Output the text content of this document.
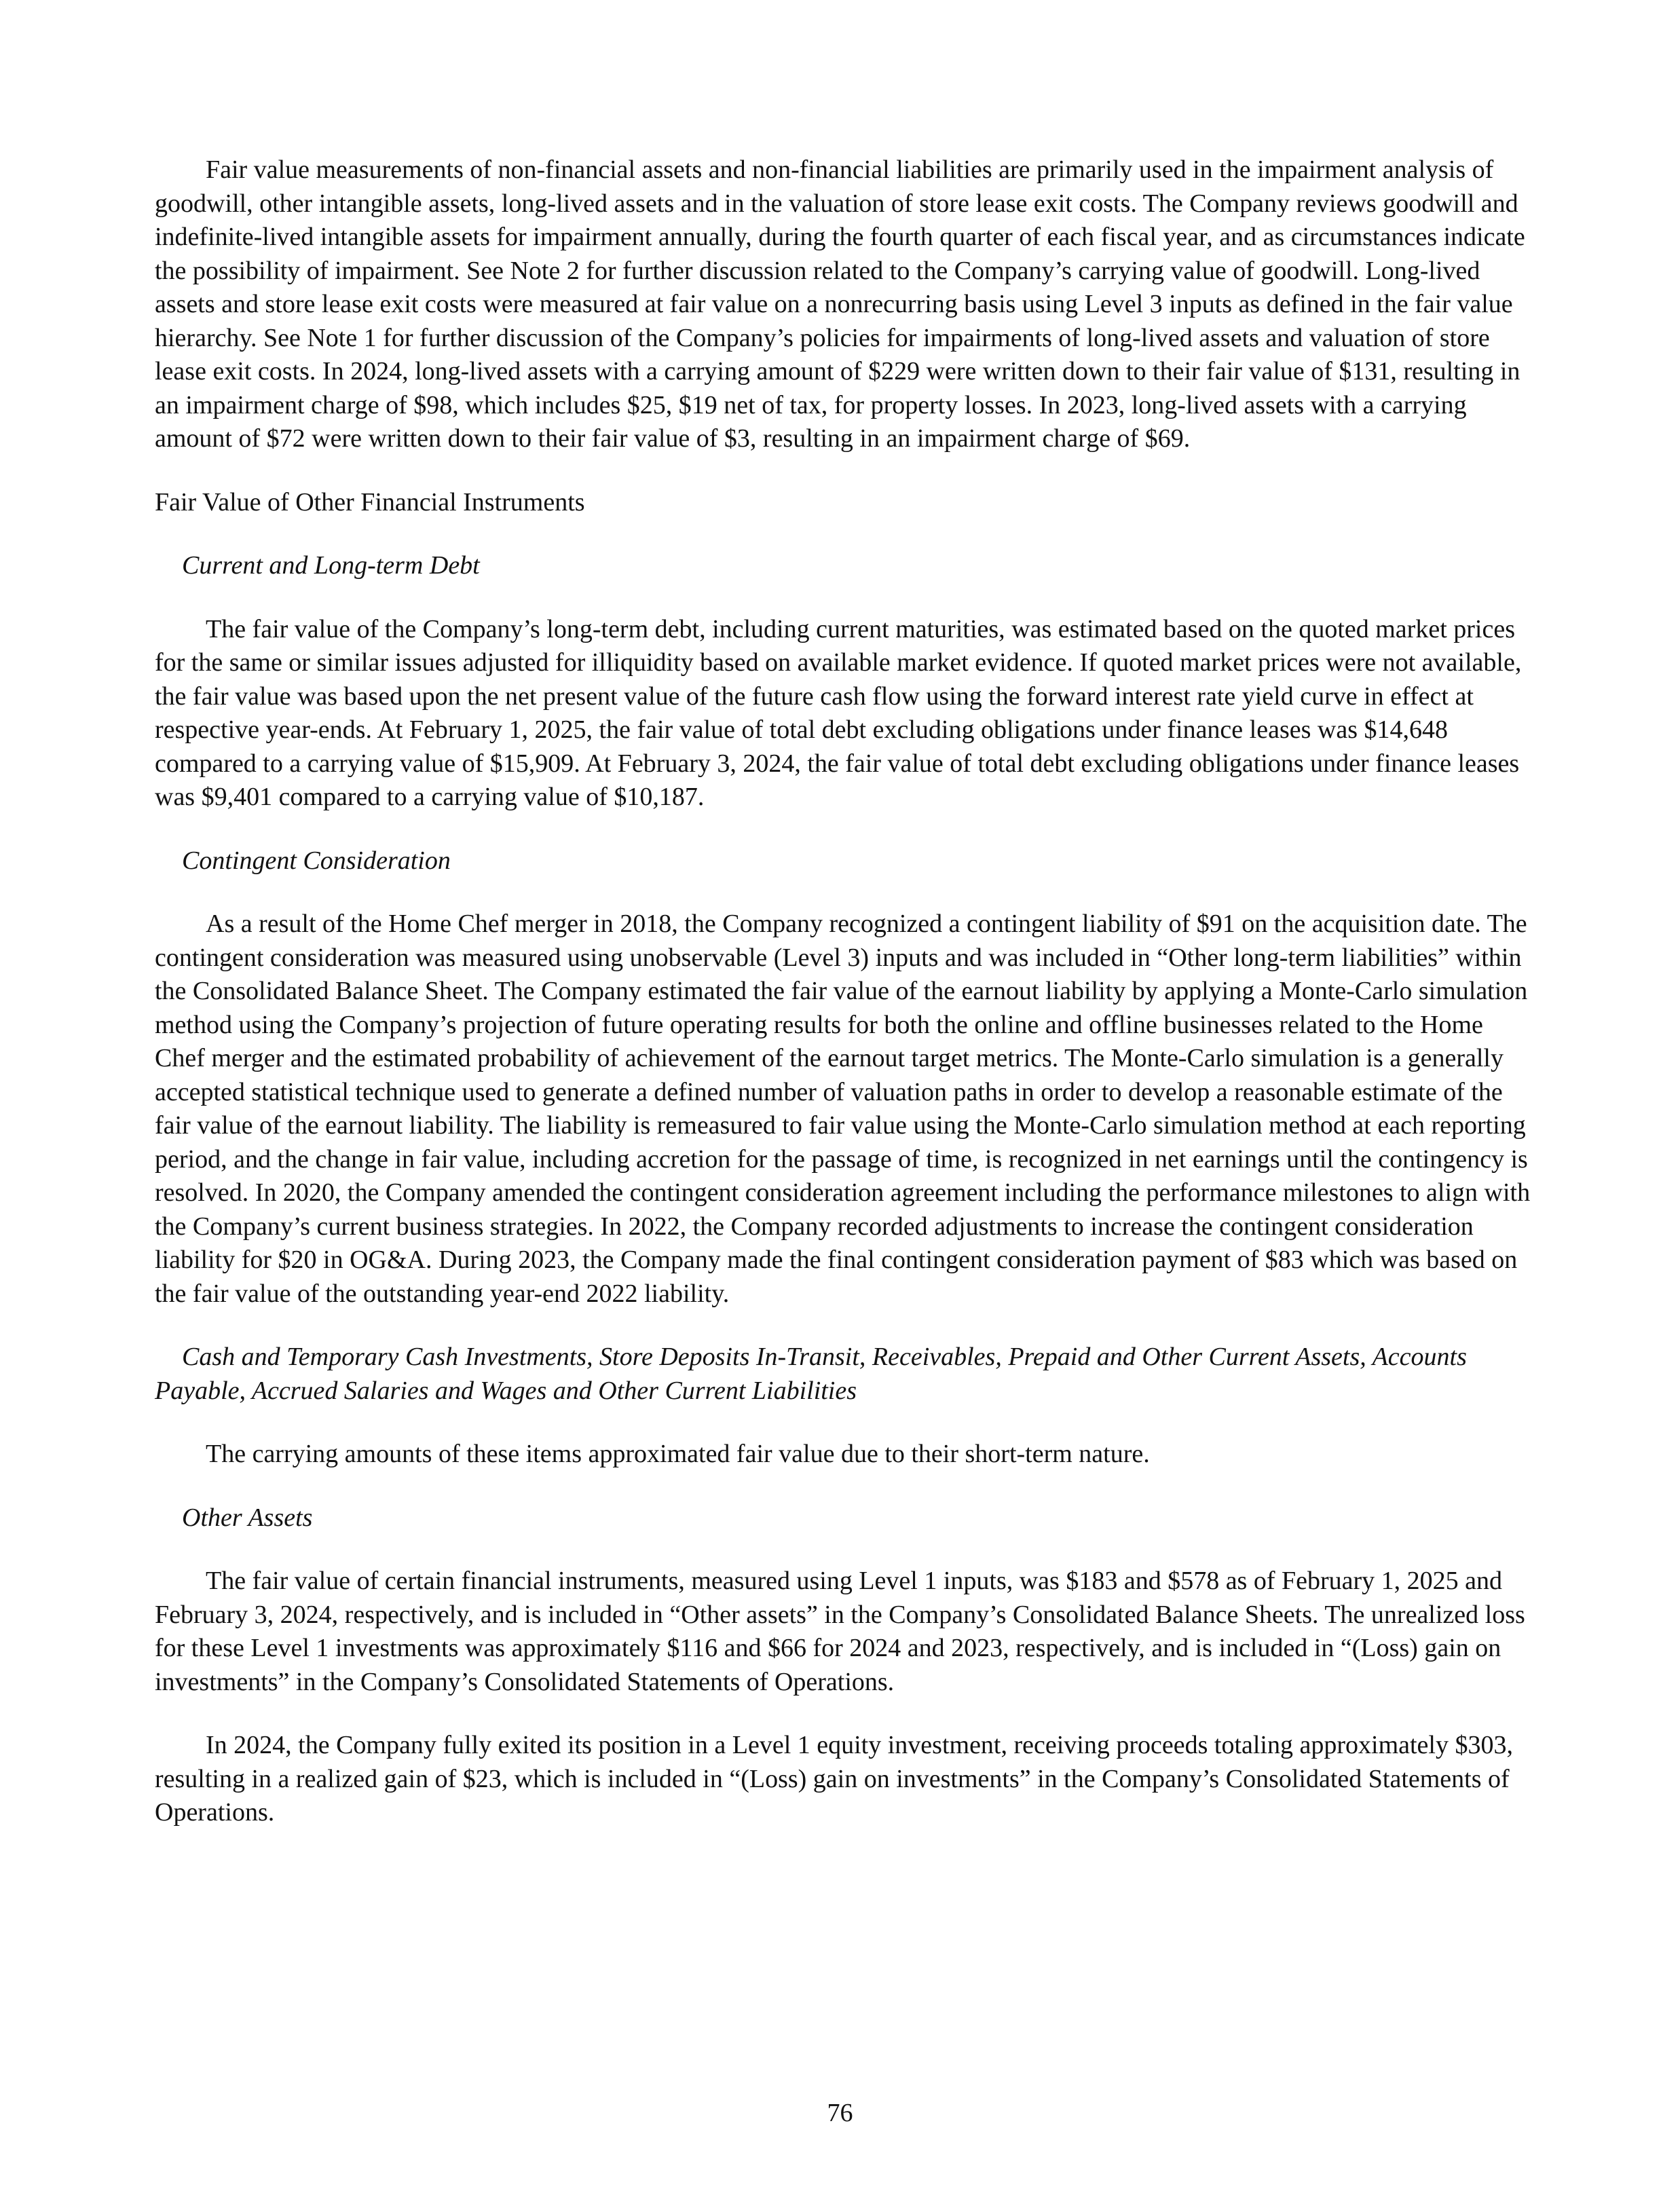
Fair value measurements of non-financial assets and non-financial liabilities are primarily used in the impairment analysis of goodwill, other intangible assets, long-lived assets and in the valuation of store lease exit costs. The Company reviews goodwill and indefinite-lived intangible assets for impairment annually, during the fourth quarter of each fiscal year, and as circumstances indicate the possibility of impairment. See Note 2 for further discussion related to the Company’s carrying value of goodwill. Long-lived assets and store lease exit costs were measured at fair value on a nonrecurring basis using Level 3 inputs as defined in the fair value hierarchy. See Note 1 for further discussion of the Company’s policies for impairments of long-lived assets and valuation of store lease exit costs. In 2024, long-lived assets with a carrying amount of $229 were written down to their fair value of $131, resulting in an impairment charge of $98, which includes $25, $19 net of tax, for property losses. In 2023, long-lived assets with a carrying amount of $72 were written down to their fair value of $3, resulting in an impairment charge of $69.

Fair Value of Other Financial Instruments

Current and Long-term Debt

The fair value of the Company’s long-term debt, including current maturities, was estimated based on the quoted market prices for the same or similar issues adjusted for illiquidity based on available market evidence. If quoted market prices were not available, the fair value was based upon the net present value of the future cash flow using the forward interest rate yield curve in effect at respective year-ends. At February 1, 2025, the fair value of total debt excluding obligations under finance leases was $14,648 compared to a carrying value of $15,909. At February 3, 2024, the fair value of total debt excluding obligations under finance leases was $9,401 compared to a carrying value of $10,187.

Contingent Consideration

As a result of the Home Chef merger in 2018, the Company recognized a contingent liability of $91 on the acquisition date. The contingent consideration was measured using unobservable (Level 3) inputs and was included in “Other long-term liabilities” within the Consolidated Balance Sheet. The Company estimated the fair value of the earnout liability by applying a Monte-Carlo simulation method using the Company’s projection of future operating results for both the online and offline businesses related to the Home Chef merger and the estimated probability of achievement of the earnout target metrics. The Monte-Carlo simulation is a generally accepted statistical technique used to generate a defined number of valuation paths in order to develop a reasonable estimate of the fair value of the earnout liability. The liability is remeasured to fair value using the Monte-Carlo simulation method at each reporting period, and the change in fair value, including accretion for the passage of time, is recognized in net earnings until the contingency is resolved. In 2020, the Company amended the contingent consideration agreement including the performance milestones to align with the Company’s current business strategies. In 2022, the Company recorded adjustments to increase the contingent consideration liability for $20 in OG&A. During 2023, the Company made the final contingent consideration payment of $83 which was based on the fair value of the outstanding year-end 2022 liability.

Cash and Temporary Cash Investments, Store Deposits In-Transit, Receivables, Prepaid and Other Current Assets, Accounts Payable, Accrued Salaries and Wages and Other Current Liabilities

The carrying amounts of these items approximated fair value due to their short-term nature.

Other Assets

The fair value of certain financial instruments, measured using Level 1 inputs, was $183 and $578 as of February 1, 2025 and February 3, 2024, respectively, and is included in “Other assets” in the Company’s Consolidated Balance Sheets. The unrealized loss for these Level 1 investments was approximately $116 and $66 for 2024 and 2023, respectively, and is included in “(Loss) gain on investments” in the Company’s Consolidated Statements of Operations.

In 2024, the Company fully exited its position in a Level 1 equity investment, receiving proceeds totaling approximately $303, resulting in a realized gain of $23, which is included in “(Loss) gain on investments” in the Company’s Consolidated Statements of Operations.

76
